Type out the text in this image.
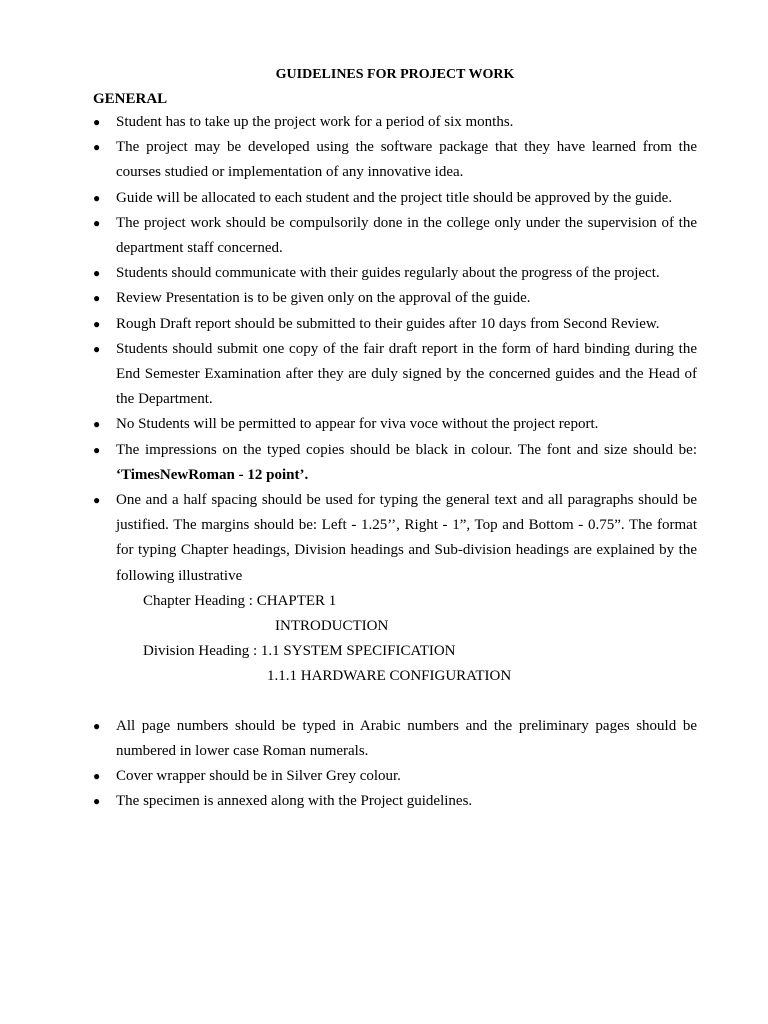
GUIDELINES FOR PROJECT WORK

GENERAL
● Student has to take up the project work for a period of six months.
● The project may be developed using the software package that they have learned from the courses studied or implementation of any innovative idea.
● Guide will be allocated to each student and the project title should be approved by the guide.
● The project work should be compulsorily done in the college only under the supervision of the department staff concerned.
● Students should communicate with their guides regularly about the progress of the project.
● Review Presentation is to be given only on the approval of the guide.
● Rough Draft report should be submitted to their guides after 10 days from Second Review.
● Students should submit one copy of the fair draft report in the form of hard binding during the End Semester Examination after they are duly signed by the concerned guides and the Head of the Department.
● No Students will be permitted to appear for viva voce without the project report.
● The impressions on the typed copies should be black in colour. The font and size should be: ‘TimesNewRoman - 12 point’.
● One and a half spacing should be used for typing the general text and all paragraphs should be justified. The margins should be: Left - 1.25’’, Right - 1”, Top and Bottom - 0.75”. The format for typing Chapter headings, Division headings and Sub-division headings are explained by the following illustrative
Chapter Heading : CHAPTER 1
INTRODUCTION
Division Heading : 1.1 SYSTEM SPECIFICATION
1.1.1 HARDWARE CONFIGURATION
● All page numbers should be typed in Arabic numbers and the preliminary pages should be numbered in lower case Roman numerals.
● Cover wrapper should be in Silver Grey colour.
● The specimen is annexed along with the Project guidelines.
